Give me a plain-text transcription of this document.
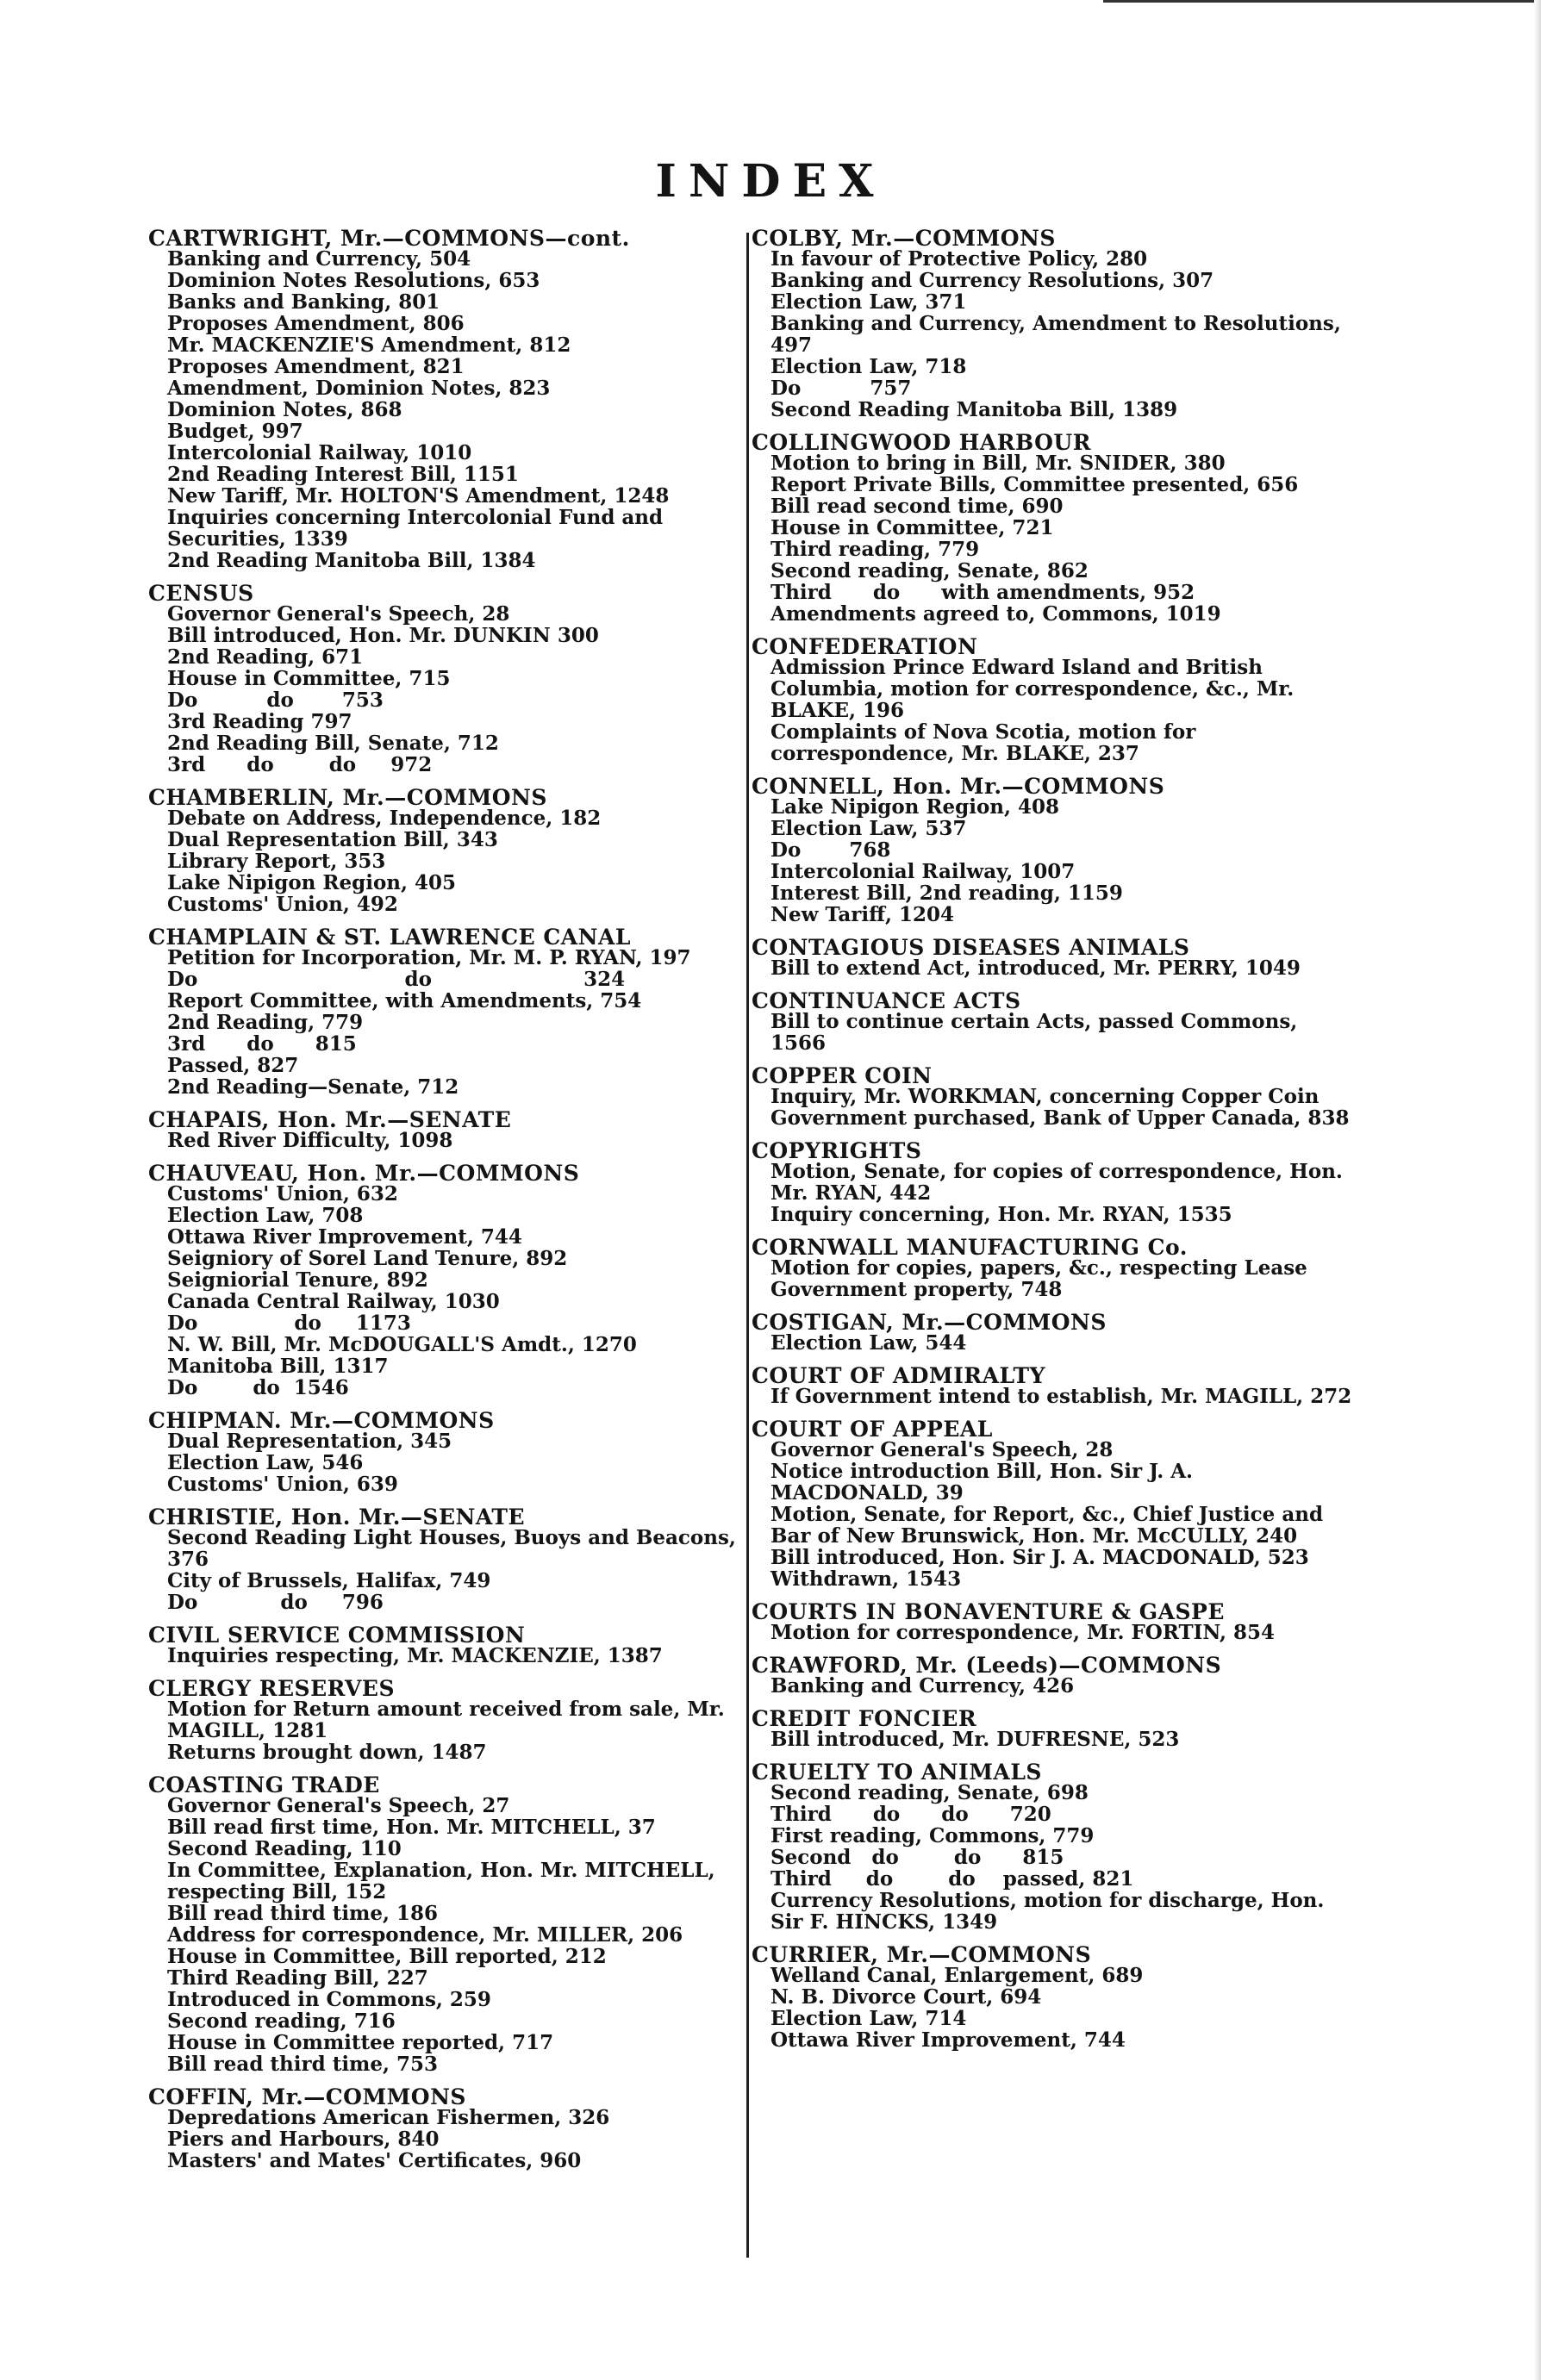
INDEX
CARTWRIGHT, Mr.—COMMONS—cont.
Banking and Currency, 504
Dominion Notes Resolutions, 653
Banks and Banking, 801
Proposes Amendment, 806
Mr. MACKENZIE'S Amendment, 812
Proposes Amendment, 821
Amendment, Dominion Notes, 823
Dominion Notes, 868
Budget, 997
Intercolonial Railway, 1010
2nd Reading Interest Bill, 1151
New Tariff, Mr. HOLTON'S Amendment, 1248
Inquiries concerning Intercolonial Fund and Securities, 1339
2nd Reading Manitoba Bill, 1384
CENSUS
Governor General's Speech, 28
Bill introduced, Hon. Mr. DUNKIN 300
2nd Reading, 671
House in Committee, 715
Do          do       753
3rd Reading 797
2nd Reading Bill, Senate, 712
3rd      do        do     972
CHAMBERLIN, Mr.—COMMONS
Debate on Address, Independence, 182
Dual Representation Bill, 343
Library Report, 353
Lake Nipigon Region, 405
Customs' Union, 492
CHAMPLAIN & ST. LAWRENCE CANAL
Petition for Incorporation, Mr. M. P. RYAN, 197
Do                              do                      324
Report Committee, with Amendments, 754
2nd Reading, 779
3rd      do      815
Passed, 827
2nd Reading—Senate, 712
CHAPAIS, Hon. Mr.—SENATE
Red River Difficulty, 1098
CHAUVEAU, Hon. Mr.—COMMONS
Customs' Union, 632
Election Law, 708
Ottawa River Improvement, 744
Seigniory of Sorel Land Tenure, 892
Seigniorial Tenure, 892
Canada Central Railway, 1030
Do              do     1173
N. W. Bill, Mr. McDOUGALL'S Amdt., 1270
Manitoba Bill, 1317
Do        do  1546
CHIPMAN. Mr.—COMMONS
Dual Representation, 345
Election Law, 546
Customs' Union, 639
CHRISTIE, Hon. Mr.—SENATE
Second Reading Light Houses, Buoys and Beacons, 376
City of Brussels, Halifax, 749
Do            do     796
CIVIL SERVICE COMMISSION
Inquiries respecting, Mr. MACKENZIE, 1387
CLERGY RESERVES
Motion for Return amount received from sale, Mr. MAGILL, 1281
Returns brought down, 1487
COASTING TRADE
Governor General's Speech, 27
Bill read first time, Hon. Mr. MITCHELL, 37
Second Reading, 110
In Committee, Explanation, Hon. Mr. MITCHELL, respecting Bill, 152
Bill read third time, 186
Address for correspondence, Mr. MILLER, 206
House in Committee, Bill reported, 212
Third Reading Bill, 227
Introduced in Commons, 259
Second reading, 716
House in Committee reported, 717
Bill read third time, 753
COFFIN, Mr.—COMMONS
Depredations American Fishermen, 326
Piers and Harbours, 840
Masters' and Mates' Certificates, 960
COLBY, Mr.—COMMONS
In favour of Protective Policy, 280
Banking and Currency Resolutions, 307
Election Law, 371
Banking and Currency, Amendment to Resolutions, 497
Election Law, 718
Do          757
Second Reading Manitoba Bill, 1389
COLLINGWOOD HARBOUR
Motion to bring in Bill, Mr. SNIDER, 380
Report Private Bills, Committee presented, 656
Bill read second time, 690
House in Committee, 721
Third reading, 779
Second reading, Senate, 862
Third      do      with amendments, 952
Amendments agreed to, Commons, 1019
CONFEDERATION
Admission Prince Edward Island and British Columbia, motion for correspondence, &c., Mr. BLAKE, 196
Complaints of Nova Scotia, motion for correspondence, Mr. BLAKE, 237
CONNELL, Hon. Mr.—COMMONS
Lake Nipigon Region, 408
Election Law, 537
Do       768
Intercolonial Railway, 1007
Interest Bill, 2nd reading, 1159
New Tariff, 1204
CONTAGIOUS DISEASES ANIMALS
Bill to extend Act, introduced, Mr. PERRY, 1049
CONTINUANCE ACTS
Bill to continue certain Acts, passed Commons, 1566
COPPER COIN
Inquiry, Mr. WORKMAN, concerning Copper Coin Government purchased, Bank of Upper Canada, 838
COPYRIGHTS
Motion, Senate, for copies of correspondence, Hon. Mr. RYAN, 442
Inquiry concerning, Hon. Mr. RYAN, 1535
CORNWALL MANUFACTURING Co.
Motion for copies, papers, &c., respecting Lease Government property, 748
COSTIGAN, Mr.—COMMONS
Election Law, 544
COURT OF ADMIRALTY
If Government intend to establish, Mr. MAGILL, 272
COURT OF APPEAL
Governor General's Speech, 28
Notice introduction Bill, Hon. Sir J. A. MACDONALD, 39
Motion, Senate, for Report, &c., Chief Justice and Bar of New Brunswick, Hon. Mr. McCULLY, 240
Bill introduced, Hon. Sir J. A. MACDONALD, 523
Withdrawn, 1543
COURTS IN BONAVENTURE & GASPE
Motion for correspondence, Mr. FORTIN, 854
CRAWFORD, Mr. (Leeds)—COMMONS
Banking and Currency, 426
CREDIT FONCIER
Bill introduced, Mr. DUFRESNE, 523
CRUELTY TO ANIMALS
Second reading, Senate, 698
Third      do      do      720
First reading, Commons, 779
Second   do        do      815
Third     do        do    passed, 821
Currency Resolutions, motion for discharge, Hon. Sir F. HINCKS, 1349
CURRIER, Mr.—COMMONS
Welland Canal, Enlargement, 689
N. B. Divorce Court, 694
Election Law, 714
Ottawa River Improvement, 744
